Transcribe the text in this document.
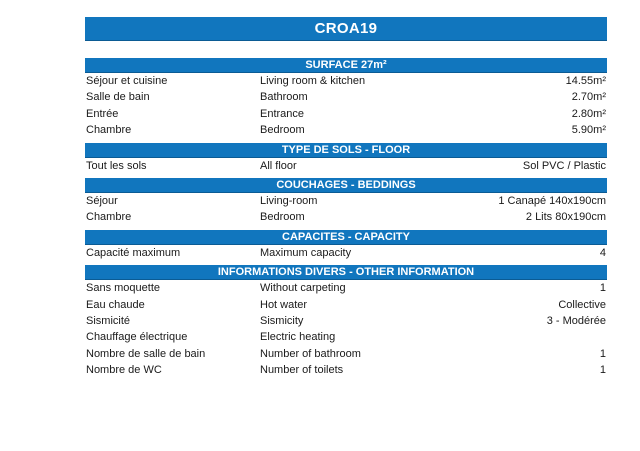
CROA19
SURFACE 27m²
Séjour et cuisine	Living room & kitchen	14.55m²
Salle de bain	Bathroom	2.70m²
Entrée	Entrance	2.80m²
Chambre	Bedroom	5.90m²
TYPE DE SOLS - FLOOR
Tout les sols	All floor	Sol PVC / Plastic
COUCHAGES - BEDDINGS
Séjour	Living-room	1 Canapé 140x190cm
Chambre	Bedroom	2 Lits 80x190cm
CAPACITES - CAPACITY
Capacité maximum	Maximum capacity	4
INFORMATIONS DIVERS - OTHER INFORMATION
Sans moquette	Without carpeting	1
Eau chaude	Hot water	Collective
Sismicité	Sismicity	3 - Modérée
Chauffage électrique	Electric heating
Nombre de salle de bain	Number of bathroom	1
Nombre de WC	Number of toilets	1
